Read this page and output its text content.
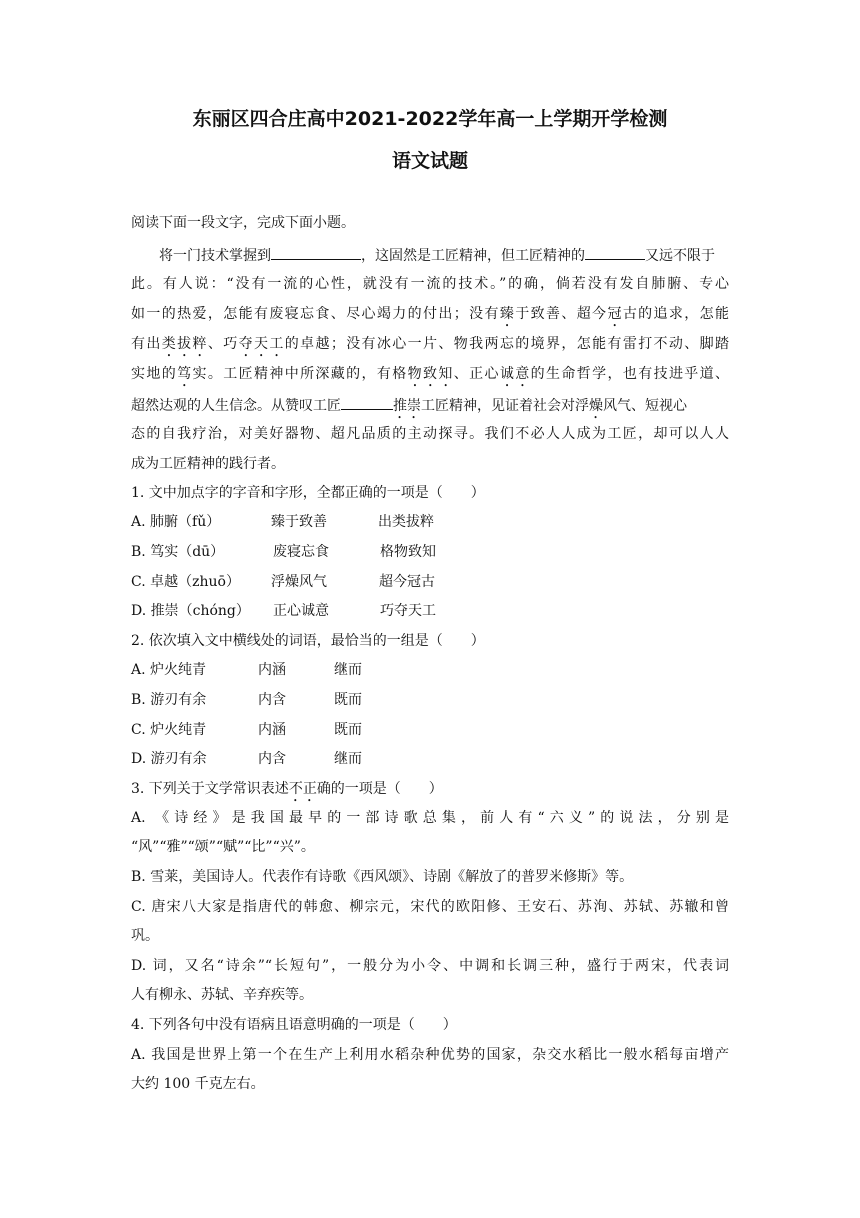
东丽区四合庄高中2021-2022学年高一上学期开学检测
语文试题
阅读下面一段文字，完成下面小题。
将一门技术掌握到	，这固然是工匠精神，但工匠精神的	又远不限于
此。有人说：“没有一流的心性，就没有一流的技术。”的确，倘若没有发自肺腑、专心
如一的热爱，怎能有废寝忘食、尽心竭力的付出；没有臻于致善、超今冠古的追求，怎能
有出类拔粹、巧夺天工的卓越；没有冰心一片、物我两忘的境界，怎能有雷打不动、脚踏
实地的笃实。工匠精神中所深藏的，有格物致知、正心诚意的生命哲学，也有技进乎道、
超然达观的人生信念。从赞叹工匠	推崇工匠精神，见证着社会对浮燥风气、短视心
态的自我疗治，对美好器物、超凡品质的主动探寻。我们不必人人成为工匠，却可以人人
成为工匠精神的践行者。
1. 文中加点字的字音和字形，全都正确的一项是（　　）
A. 肺腑（fǔ）	臻于致善	出类拔粹
B. 笃实（dū）	废寝忘食	格物致知
C. 卓越（zhuō） 浮燥风气	超今冠古
D. 推崇（chóng） 正心诚意	巧夺天工
2. 依次填入文中横线处的词语，最恰当的一组是（　　）
A. 炉火纯青	内涵	继而
B. 游刃有余	内含	既而
C. 炉火纯青	内涵	既而
D. 游刃有余	内含	继而
3. 下列关于文学常识表述不正确的一项是（　　）
A. 《诗经》是我国最早的一部诗歌总集，前人有“六义”的说法，分别是
“风”“雅”“颂”“赋”“比”“兴”。
B. 雪莱，美国诗人。代表作有诗歌《西风颂》、诗剧《解放了的普罗米修斯》等。
C. 唐宋八大家是指唐代的韩愈、柳宗元，宋代的欧阳修、王安石、苏洵、苏轼、苏辙和曾
巩。
D. 词，又名“诗余”“长短句”，一般分为小令、中调和长调三种，盛行于两宋，代表词
人有柳永、苏轼、辛弃疾等。
4. 下列各句中没有语病且语意明确的一项是（　　）
A. 我国是世界上第一个在生产上利用水稻杂种优势的国家，杂交水稻比一般水稻每亩增产
大约 100 千克左右。
